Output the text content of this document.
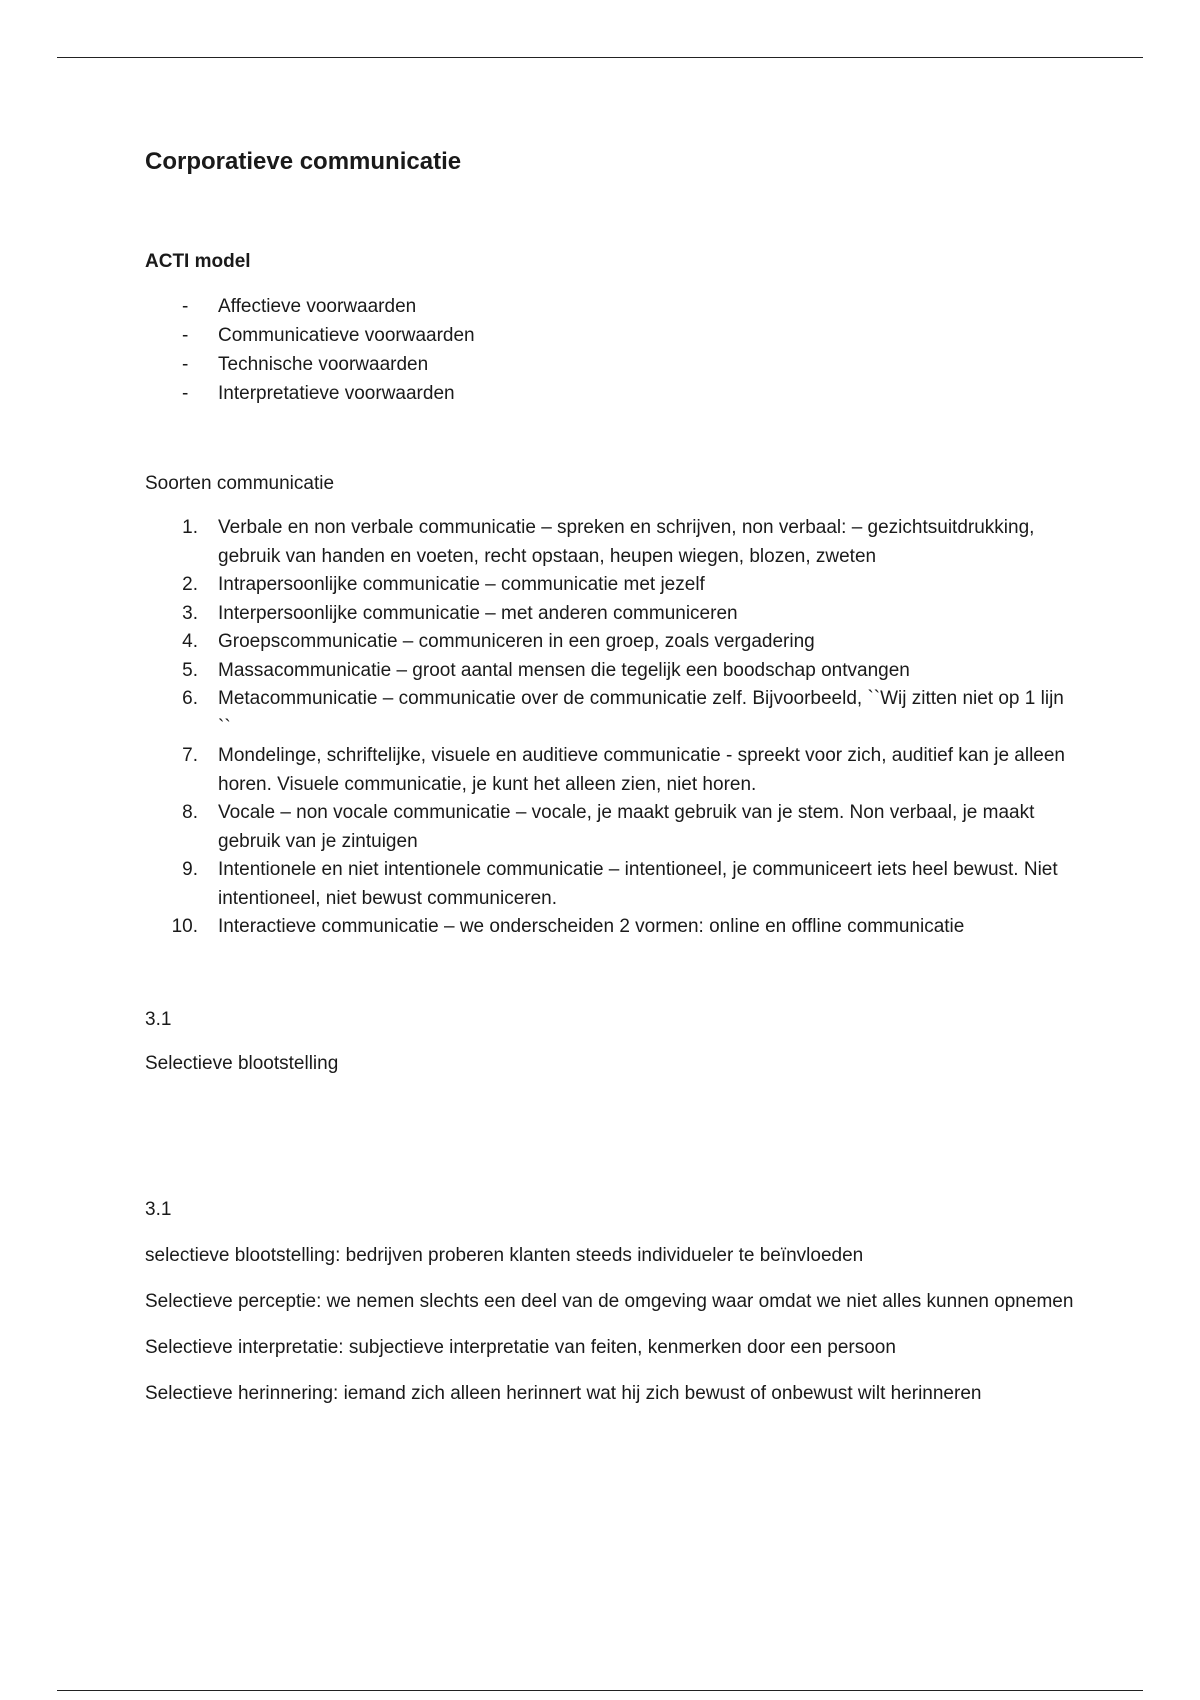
Corporatieve communicatie
ACTI model
- Affectieve voorwaarden
- Communicatieve voorwaarden
- Technische voorwaarden
- Interpretatieve voorwaarden

Soorten communicatie

1. Verbale en non verbale communicatie – spreken en schrijven, non verbaal: – gezichtsuitdrukking, gebruik van handen en voeten, recht opstaan, heupen wiegen, blozen, zweten
2. Intrapersoonlijke communicatie – communicatie met jezelf
3. Interpersoonlijke communicatie – met anderen communiceren
4. Groepscommunicatie – communiceren in een groep, zoals vergadering
5. Massacommunicatie – groot aantal mensen die tegelijk een boodschap ontvangen
6. Metacommunicatie – communicatie over de communicatie zelf. Bijvoorbeeld, ``Wij zitten niet op 1 lijn ``
7. Mondelinge, schriftelijke, visuele en auditieve communicatie - spreekt voor zich, auditief kan je alleen horen. Visuele communicatie, je kunt het alleen zien, niet horen.
8. Vocale – non vocale communicatie – vocale, je maakt gebruik van je stem. Non verbaal, je maakt gebruik van je zintuigen
9. Intentionele en niet intentionele communicatie – intentioneel, je communiceert iets heel bewust. Niet intentioneel, niet bewust communiceren.
10. Interactieve communicatie – we onderscheiden 2 vormen: online en offline communicatie

3.1

Selectieve blootstelling

3.1

selectieve blootstelling: bedrijven proberen klanten steeds individueler te beïnvloeden

Selectieve perceptie: we nemen slechts een deel van de omgeving waar omdat we niet alles kunnen opnemen

Selectieve interpretatie: subjectieve interpretatie van feiten, kenmerken door een persoon

Selectieve herinnering: iemand zich alleen herinnert wat hij zich bewust of onbewust wilt herinneren
